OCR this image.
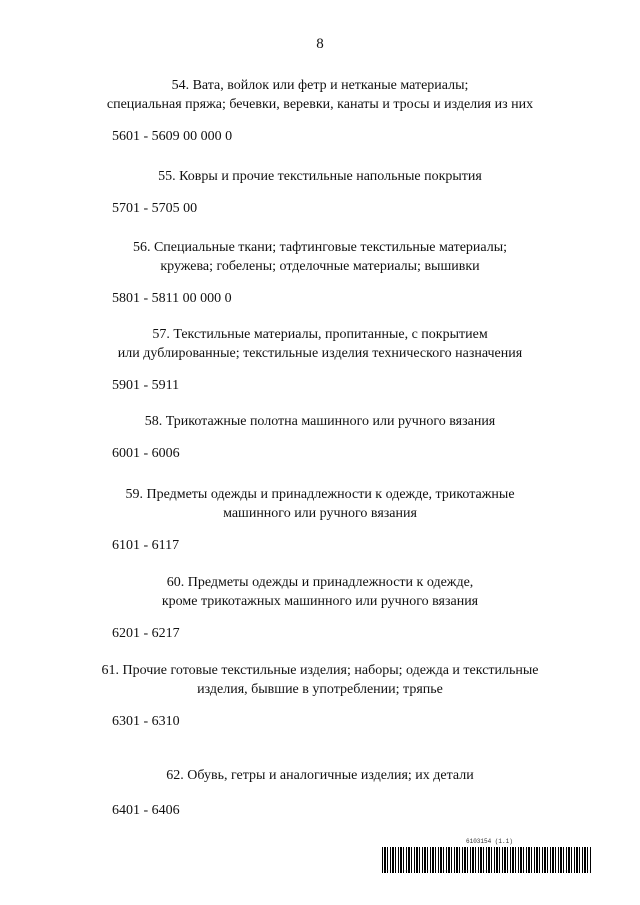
8
54. Вата, войлок или фетр и нетканые материалы;
специальная пряжа; бечевки, веревки, канаты и тросы и изделия из них
5601 - 5609 00 000 0
55. Ковры и прочие текстильные напольные покрытия
5701 - 5705 00
56. Специальные ткани; тафтинговые текстильные материалы;
кружева; гобелены; отделочные материалы; вышивки
5801 - 5811 00 000 0
57. Текстильные материалы, пропитанные, с покрытием
или дублированные; текстильные изделия технического назначения
5901 - 5911
58. Трикотажные полотна машинного или ручного вязания
6001 - 6006
59. Предметы одежды и принадлежности к одежде, трикотажные
машинного или ручного вязания
6101 - 6117
60. Предметы одежды и принадлежности к одежде,
кроме трикотажных машинного или ручного вязания
6201 - 6217
61. Прочие готовые текстильные изделия; наборы; одежда и текстильные
изделия, бывшие в употреблении; тряпье
6301 - 6310
62. Обувь, гетры и аналогичные изделия; их детали
6401 - 6406
6103154 (1.1)
